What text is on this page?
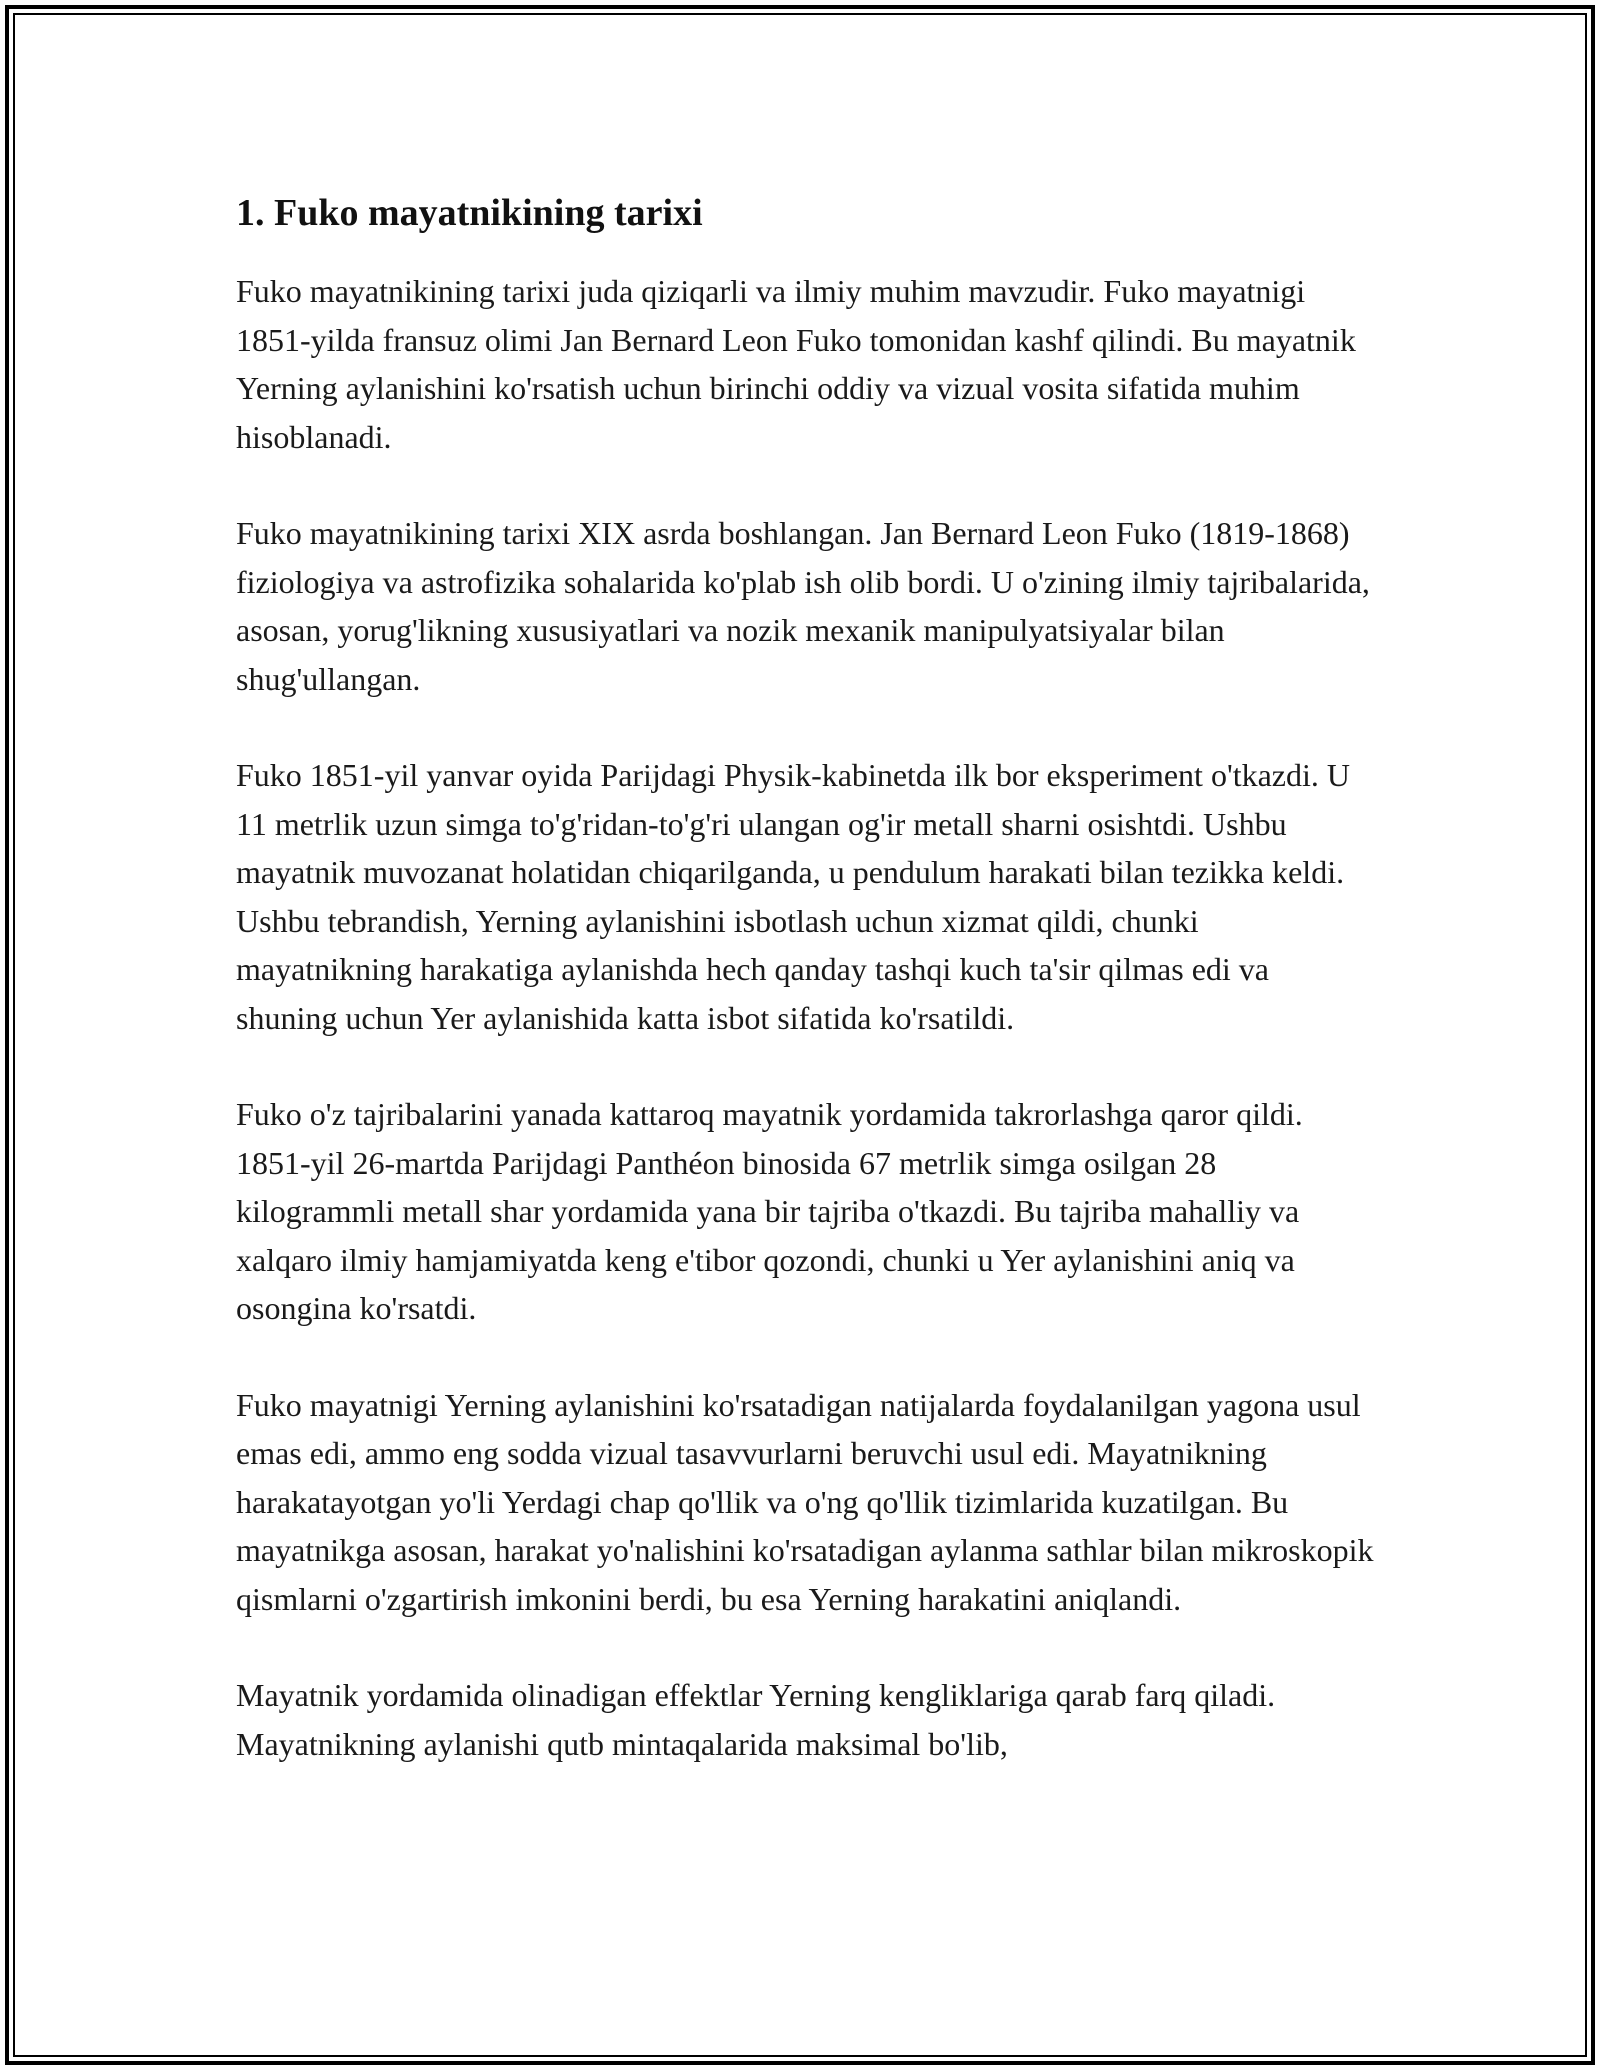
1. Fuko mayatnikining tarixi

Fuko mayatnikining tarixi juda qiziqarli va ilmiy muhim mavzudir. Fuko mayatnigi 1851-yilda fransuz olimi Jan Bernard Leon Fuko tomonidan kashf qilindi. Bu mayatnik Yerning aylanishini ko'rsatish uchun birinchi oddiy va vizual vosita sifatida muhim hisoblanadi.

Fuko mayatnikining tarixi XIX asrda boshlangan. Jan Bernard Leon Fuko (1819-1868) fiziologiya va astrofizika sohalarida ko'plab ish olib bordi. U o'zining ilmiy tajribalarida, asosan, yorug'likning xususiyatlari va nozik mexanik manipulyatsiyalar bilan shug'ullangan.

Fuko 1851-yil yanvar oyida Parijdagi Physik-kabinetda ilk bor eksperiment o'tkazdi. U 11 metrlik uzun simga to'g'ridan-to'g'ri ulangan og'ir metall sharni osishtdi. Ushbu mayatnik muvozanat holatidan chiqarilganda, u pendulum harakati bilan tezikka keldi. Ushbu tebrandish, Yerning aylanishini isbotlash uchun xizmat qildi, chunki mayatnikning harakatiga aylanishda hech qanday tashqi kuch ta'sir qilmas edi va shuning uchun Yer aylanishida katta isbot sifatida ko'rsatildi.

Fuko o'z tajribalarini yanada kattaroq mayatnik yordamida takrorlashga qaror qildi. 1851-yil 26-martda Parijdagi Panthéon binosida 67 metrlik simga osilgan 28 kilogrammli metall shar yordamida yana bir tajriba o'tkazdi. Bu tajriba mahalliy va xalqaro ilmiy hamjamiyatda keng e'tibor qozondi, chunki u Yer aylanishini aniq va osongina ko'rsatdi.

Fuko mayatnigi Yerning aylanishini ko'rsatadigan natijalarda foydalanilgan yagona usul emas edi, ammo eng sodda vizual tasavvurlarni beruvchi usul edi. Mayatnikning harakatayotgan yo'li Yerdagi chap qo'llik va o'ng qo'llik tizimlarida kuzatilgan. Bu mayatnikga asosan, harakat yo'nalishini ko'rsatadigan aylanma sathlar bilan mikroskopik qismlarni o'zgartirish imkonini berdi, bu esa Yerning harakatini aniqlandi.

Mayatnik yordamida olinadigan effektlar Yerning kengliklariga qarab farq qiladi. Mayatnikning aylanishi qutb mintaqalarida maksimal bo'lib,
